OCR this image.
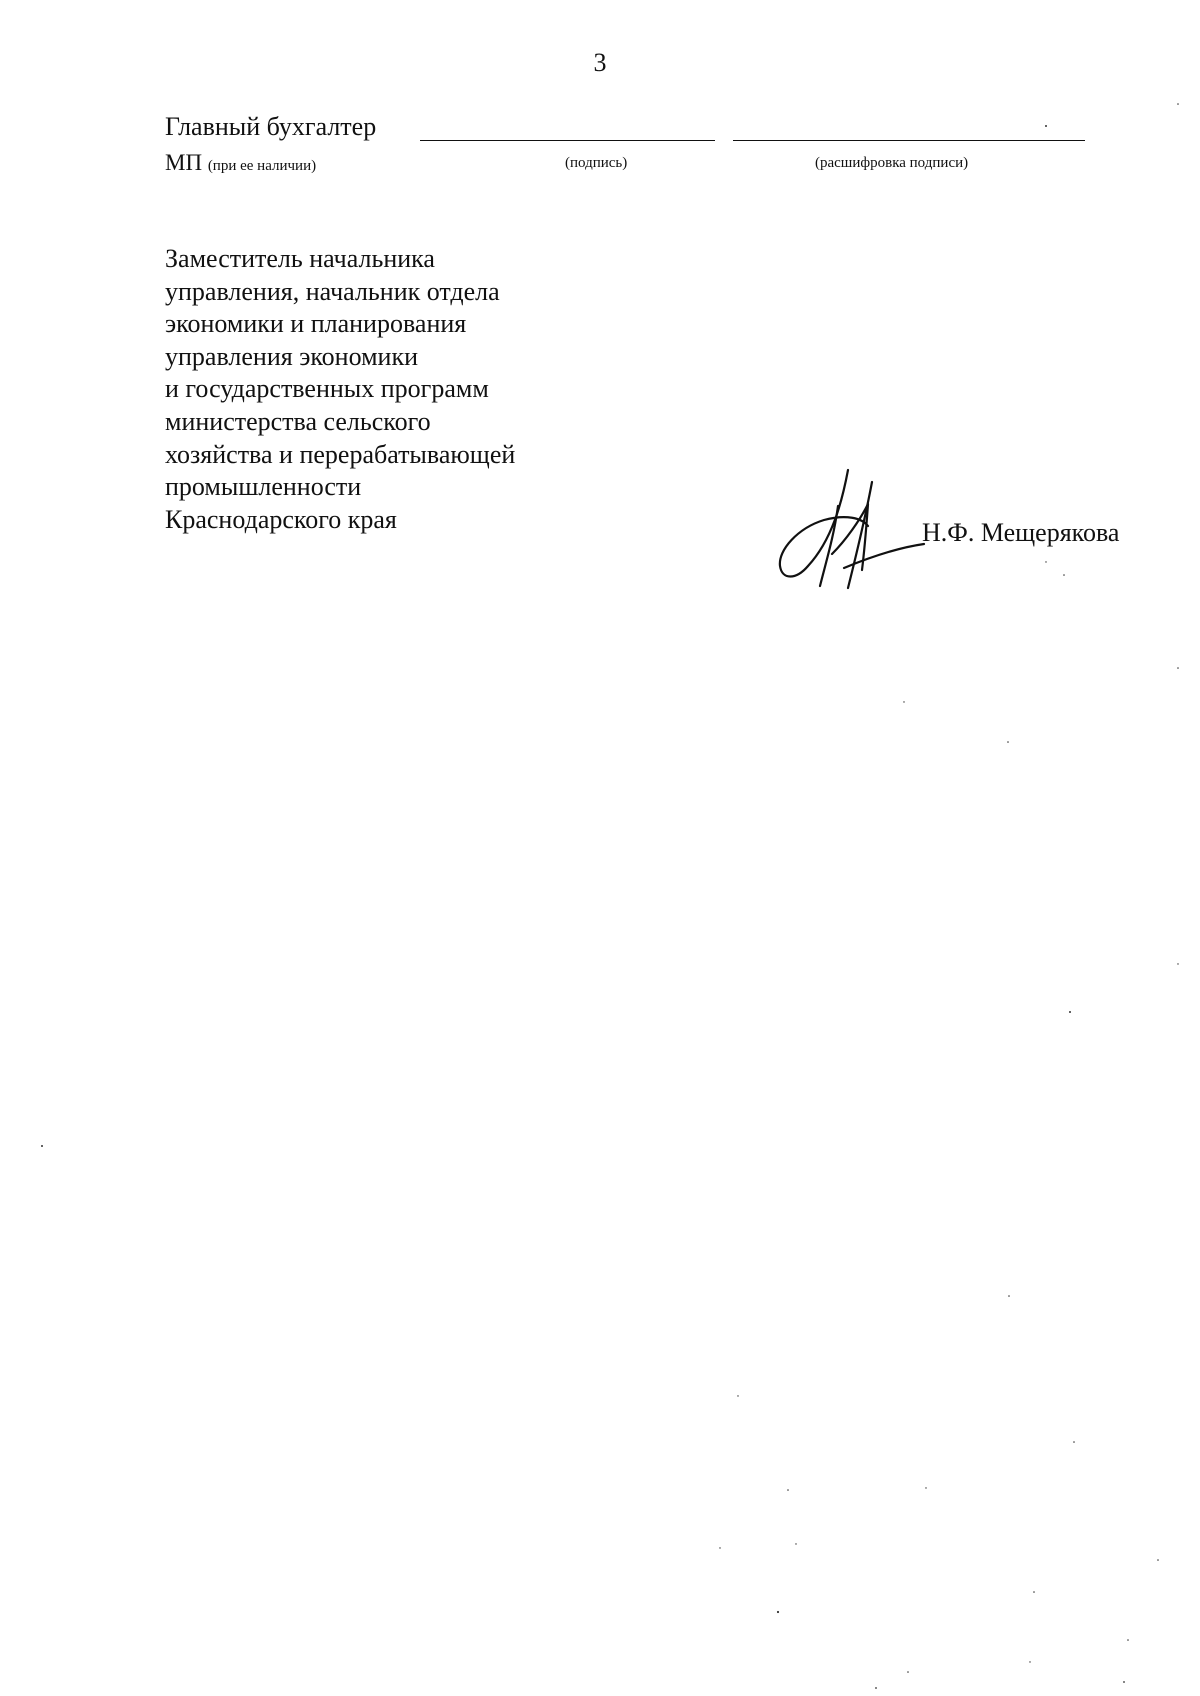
3
Главный бухгалтер
МП (при ее наличии)	(подпись)	(расшифровка подписи)
Заместитель начальника
управления, начальник отдела
экономики и планирования
управления экономики
и государственных программ
министерства сельского
хозяйства и перерабатывающей
промышленности
Краснодарского края	Н.Ф. Мещерякова
